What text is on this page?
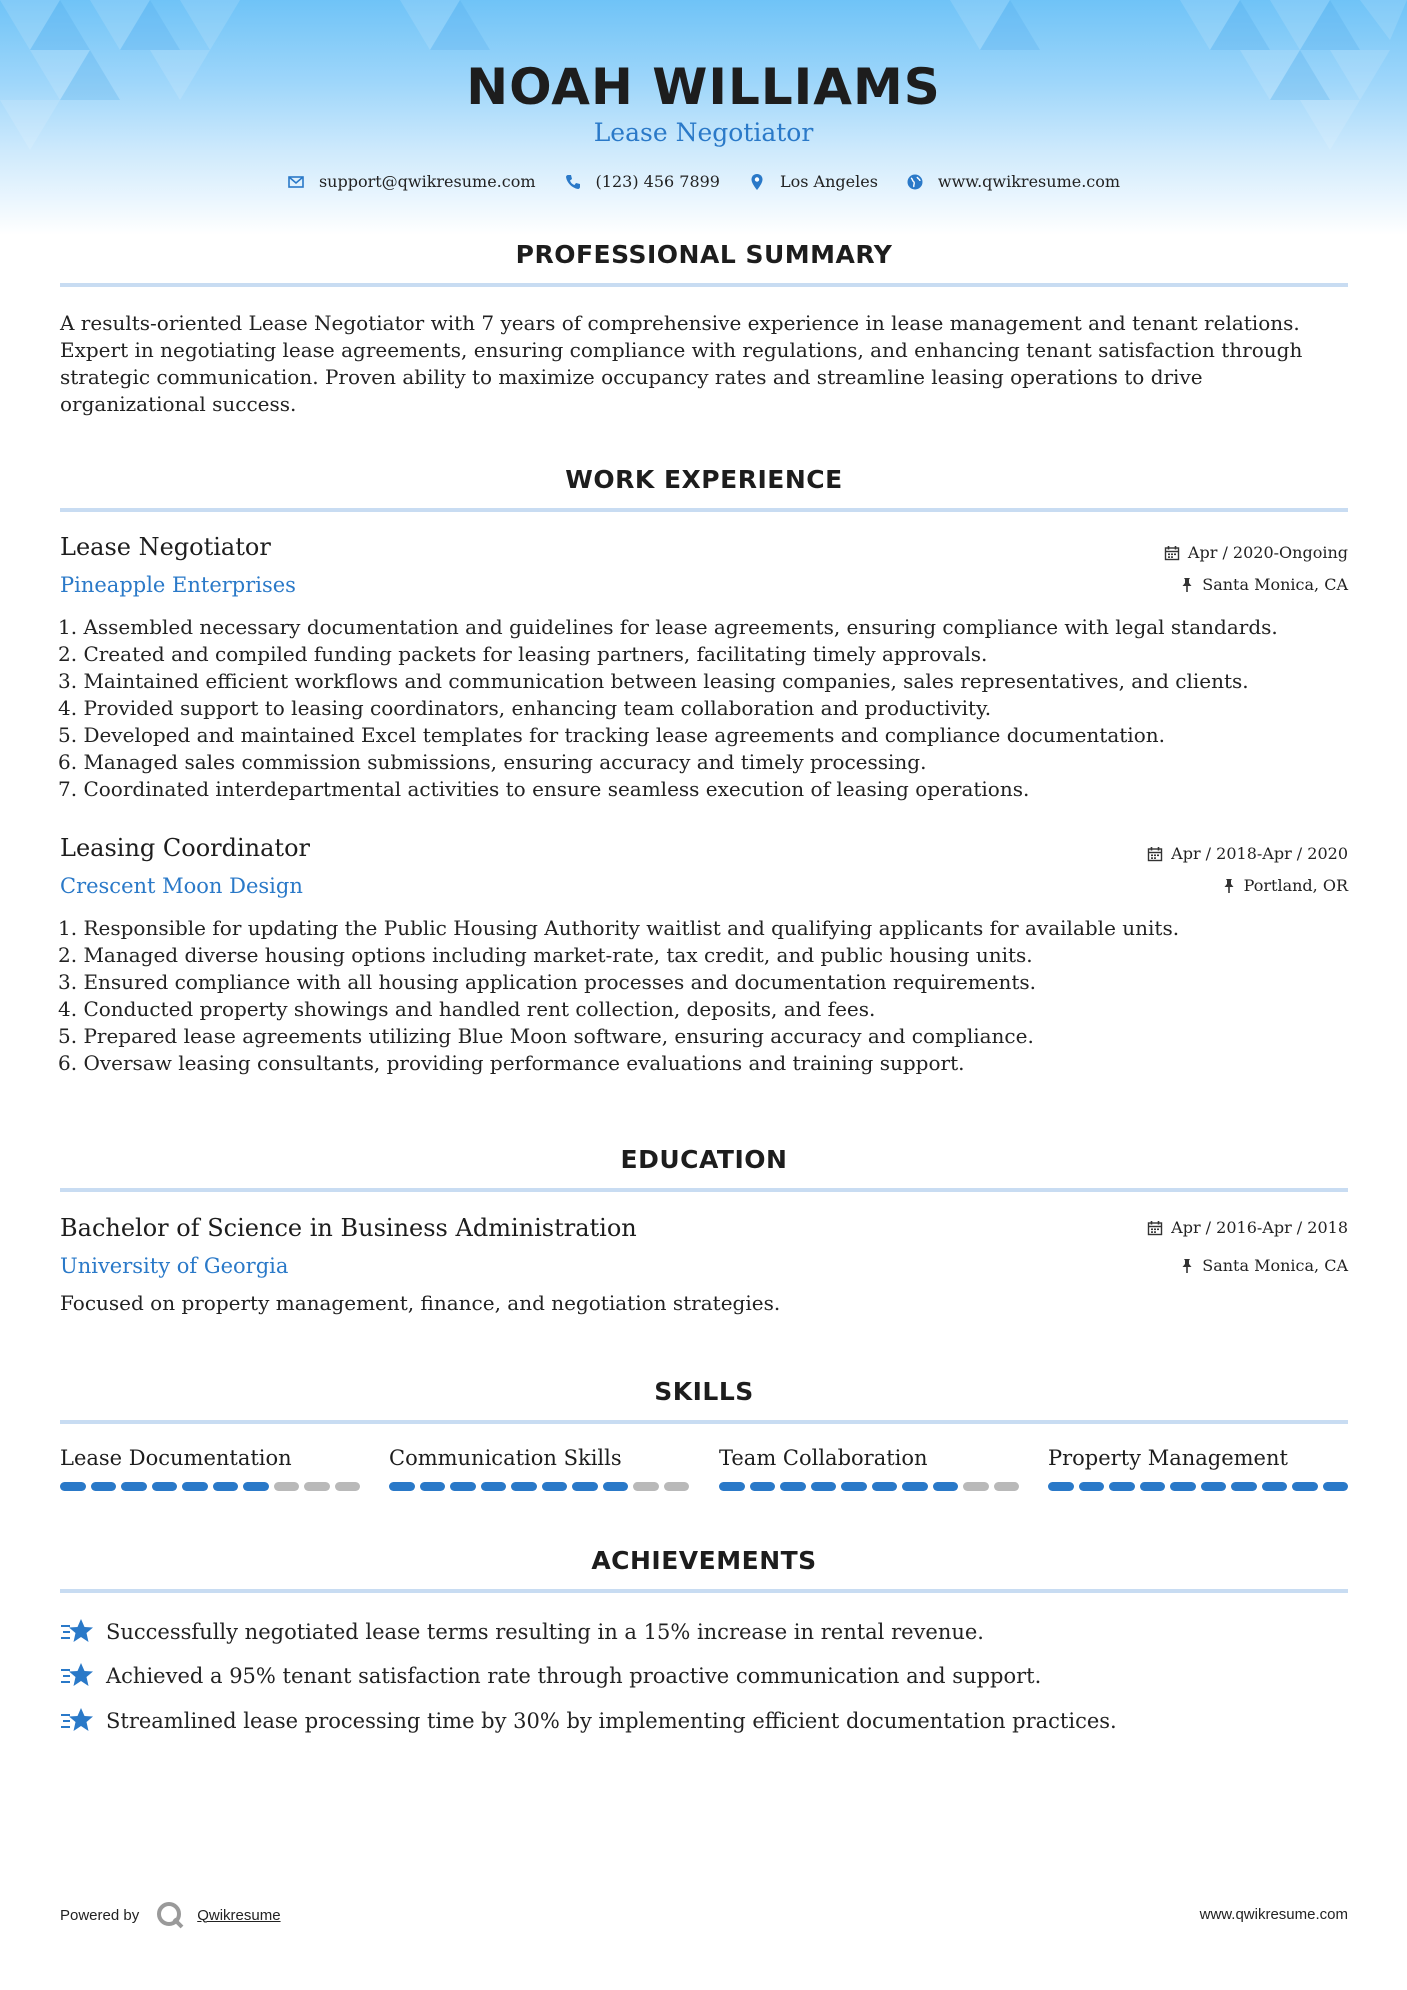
NOAH WILLIAMS
Lease Negotiator
support@qwikresume.com	(123) 456 7899	Los Angeles	www.qwikresume.com
PROFESSIONAL SUMMARY
A results-oriented Lease Negotiator with 7 years of comprehensive experience in lease management and tenant relations. Expert in negotiating lease agreements, ensuring compliance with regulations, and enhancing tenant satisfaction through strategic communication. Proven ability to maximize occupancy rates and streamline leasing operations to drive organizational success.
WORK EXPERIENCE
Lease Negotiator	Apr / 2020-Ongoing
Pineapple Enterprises	Santa Monica, CA
1. Assembled necessary documentation and guidelines for lease agreements, ensuring compliance with legal standards.
2. Created and compiled funding packets for leasing partners, facilitating timely approvals.
3. Maintained efficient workflows and communication between leasing companies, sales representatives, and clients.
4. Provided support to leasing coordinators, enhancing team collaboration and productivity.
5. Developed and maintained Excel templates for tracking lease agreements and compliance documentation.
6. Managed sales commission submissions, ensuring accuracy and timely processing.
7. Coordinated interdepartmental activities to ensure seamless execution of leasing operations.
Leasing Coordinator	Apr / 2018-Apr / 2020
Crescent Moon Design	Portland, OR
1. Responsible for updating the Public Housing Authority waitlist and qualifying applicants for available units.
2. Managed diverse housing options including market-rate, tax credit, and public housing units.
3. Ensured compliance with all housing application processes and documentation requirements.
4. Conducted property showings and handled rent collection, deposits, and fees.
5. Prepared lease agreements utilizing Blue Moon software, ensuring accuracy and compliance.
6. Oversaw leasing consultants, providing performance evaluations and training support.
EDUCATION
Bachelor of Science in Business Administration	Apr / 2016-Apr / 2018
University of Georgia	Santa Monica, CA
Focused on property management, finance, and negotiation strategies.
SKILLS
Lease Documentation	Communication Skills	Team Collaboration	Property Management
ACHIEVEMENTS
Successfully negotiated lease terms resulting in a 15% increase in rental revenue.
Achieved a 95% tenant satisfaction rate through proactive communication and support.
Streamlined lease processing time by 30% by implementing efficient documentation practices.
Powered by	Qwikresume	www.qwikresume.com
